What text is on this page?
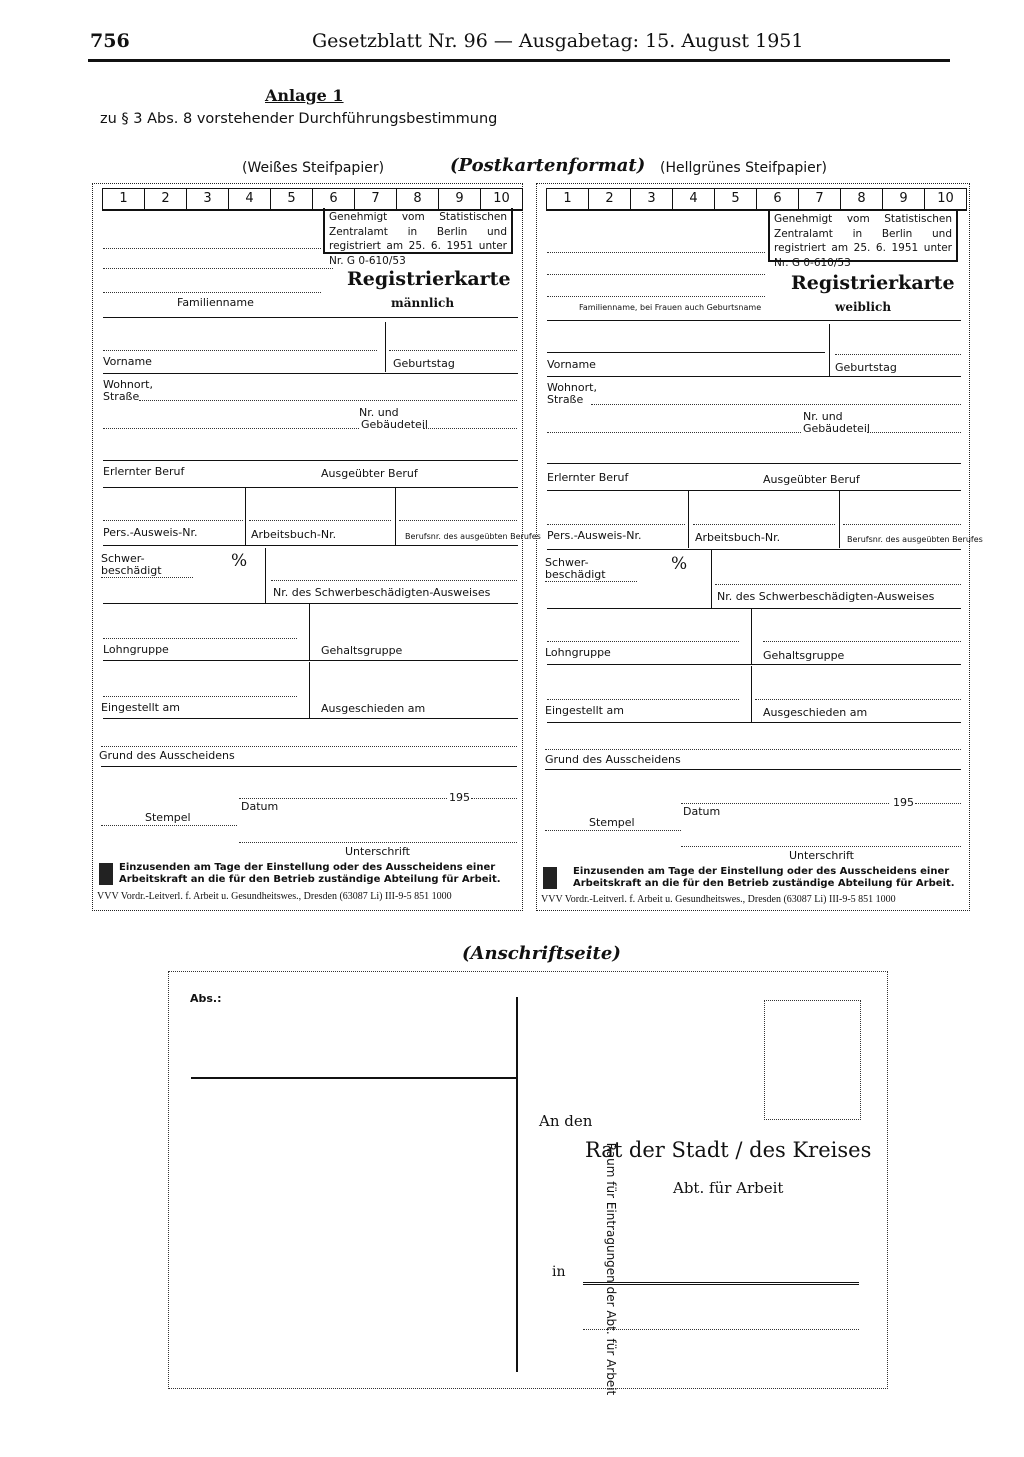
756	Gesetzblatt Nr. 96 — Ausgabetag: 15. August 1951
Anlage 1
zu § 3 Abs. 8 vorstehender Durchführungsbestimmung
(Weißes Steifpapier)	(Postkartenformat) (Hellgrünes Steifpapier)
1	2	3	4	5	6	7	8	9	10
Genehmigt vom Statistischen Zentralamt in Berlin und registriert am 25. 6. 1951 unter Nr. G 0-610/53
Registrierkarte
Familienname	männlich
Vorname	Geburtstag
Wohnort,
Straße
Nr. und
Gebäudeteil
Erlernter Beruf	Ausgeübter Beruf
Pers.-Ausweis-Nr.	Arbeitsbuch-Nr.	Berufsnr. des ausgeübten Berufes
Schwer-
beschädigt	%
Nr. des Schwerbeschädigten-Ausweises
Lohngruppe	Gehaltsgruppe
Eingestellt am	Ausgeschieden am
Grund des Ausscheidens
195
Datum
Stempel
Unterschrift
Einzusenden am Tage der Einstellung oder des Ausscheidens einer Arbeitskraft an die für den Betrieb zuständige Abteilung für Arbeit.
VVV Vordr.-Leitverl. f. Arbeit u. Gesundheitswes., Dresden (63087 Li) III-9-5 851 1000
1	2	3	4	5	6	7	8	9	10
Genehmigt vom Statistischen Zentralamt in Berlin und registriert am 25. 6. 1951 unter Nr. G 0-610/53
Registrierkarte
Familienname, bei Frauen auch Geburtsname	weiblich
Vorname	Geburtstag
Wohnort,
Straße
Nr. und
Gebäudeteil
Erlernter Beruf	Ausgeübter Beruf
Pers.-Ausweis-Nr.	Arbeitsbuch-Nr.	Berufsnr. des ausgeübten Berufes
Schwer-
beschädigt
%
Nr. des Schwerbeschädigten-Ausweises
Lohngruppe	Gehaltsgruppe
Eingestellt am	Ausgeschieden am
Grund des Ausscheidens
195
Datum
Stempel
Unterschrift
Einzusenden am Tage der Einstellung oder des Ausscheidens einer Arbeitskraft an die für den Betrieb zuständige Abteilung für Arbeit.
VVV Vordr.-Leitverl. f. Arbeit u. Gesundheitswes., Dresden (63087 Li) III-9-5 851 1000
(Anschriftseite)
Abs.:
Raum für Eintragungen der Abt. für Arbeit
An den
Rat der Stadt / des Kreises
Abt. für Arbeit
in
